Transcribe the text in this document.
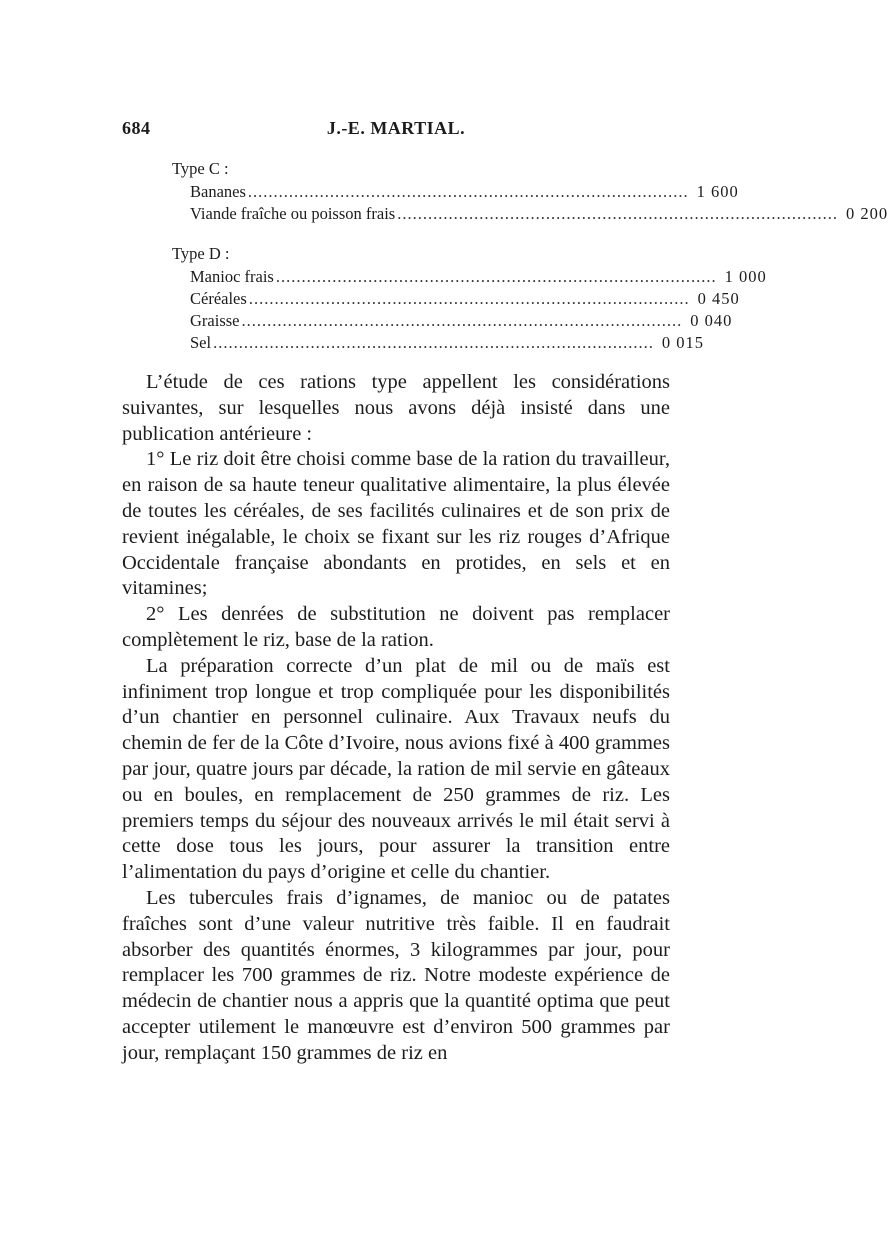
684	J.-E. MARTIAL.
Type C :
Bananes ...................................................................................... 1 600
Viande fraîche ou poisson frais ...................................................................................... 0 200
Type D :
Manioc frais ...................................................................................... 1 000
Céréales ...................................................................................... 0 450
Graisse ...................................................................................... 0 040
Sel ...................................................................................... 0 015

L’étude de ces rations type appellent les considérations suivantes, sur lesquelles nous avons déjà insisté dans une publication antérieure :

1° Le riz doit être choisi comme base de la ration du travailleur, en raison de sa haute teneur qualitative alimentaire, la plus élevée de toutes les céréales, de ses facilités culinaires et de son prix de revient inégalable, le choix se fixant sur les riz rouges d’Afrique Occidentale française abondants en protides, en sels et en vitamines;

2° Les denrées de substitution ne doivent pas remplacer complètement le riz, base de la ration.

La préparation correcte d’un plat de mil ou de maïs est infiniment trop longue et trop compliquée pour les disponibilités d’un chantier en personnel culinaire. Aux Travaux neufs du chemin de fer de la Côte d’Ivoire, nous avions fixé à 400 grammes par jour, quatre jours par décade, la ration de mil servie en gâteaux ou en boules, en remplacement de 250 grammes de riz. Les premiers temps du séjour des nouveaux arrivés le mil était servi à cette dose tous les jours, pour assurer la transition entre l’alimentation du pays d’origine et celle du chantier.

Les tubercules frais d’ignames, de manioc ou de patates fraîches sont d’une valeur nutritive très faible. Il en faudrait absorber des quantités énormes, 3 kilogrammes par jour, pour remplacer les 700 grammes de riz. Notre modeste expérience de médecin de chantier nous a appris que la quantité optima que peut accepter utilement le manœuvre est d’environ 500 grammes par jour, remplaçant 150 grammes de riz en
